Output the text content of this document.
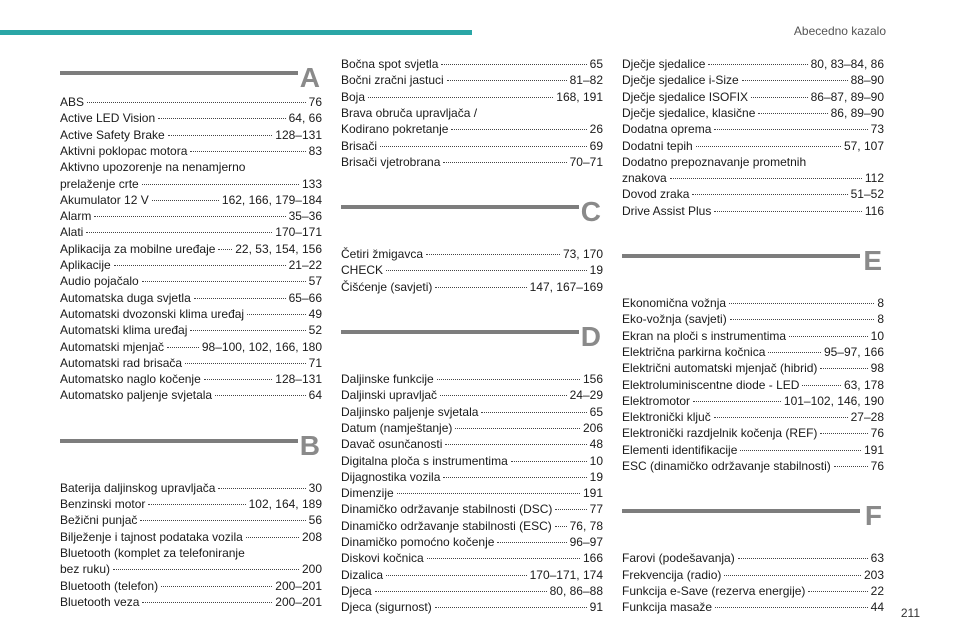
Abecedno kazalo
A
ABS	76
Active LED Vision	64, 66
Active Safety Brake	128–131
Aktivni poklopac motora	83
Aktivno upozorenje na nenamjerno
prelaženje crte	133
Akumulator 12 V	162, 166, 179–184
Alarm	35–36
Alati	170–171
Aplikacija za mobilne uređaje 22, 53, 154, 156
Aplikacije	21–22
Audio pojačalo	57
Automatska duga svjetla	65–66
Automatski dvozonski klima uređaj	49
Automatski klima uređaj	52
Automatski mjenjač	98–100, 102, 166, 180
Automatski rad brisača	71
Automatsko naglo kočenje	128–131
Automatsko paljenje svjetala	64
B
Baterija daljinskog upravljača	30
Benzinski motor	102, 164, 189
Bežični punjač	56
Bilježenje i tajnost podataka vozila	208
Bluetooth (komplet za telefoniranje
bez ruku)	200
Bluetooth (telefon)	200–201
Bluetooth veza	200–201
Bočna spot svjetla	65
Bočni zračni jastuci	81–82
Boja	168, 191
Brava obruča upravljača /
Kodirano pokretanje	26
Brisači	69
Brisači vjetrobrana	70–71
C
Četiri žmigavca	73, 170
CHECK	19
Čišćenje (savjeti)	147, 167–169
D
Daljinske funkcije	156
Daljinski upravljač	24–29
Daljinsko paljenje svjetala	65
Datum (namještanje)	206
Davač osunčanosti	48
Digitalna ploča s instrumentima	10
Dijagnostika vozila	19
Dimenzije	191
Dinamičko održavanje stabilnosti (DSC)	77
Dinamičko održavanje stabilnosti (ESC) 76, 78
Dinamičko pomoćno kočenje	96–97
Diskovi kočnica	166
Dizalica	170–171, 174
Djeca	80, 86–88
Djeca (sigurnost)	91
Dječje sjedalice	80, 83–84, 86
Dječje sjedalice i-Size	88–90
Dječje sjedalice ISOFIX	86–87, 89–90
Dječje sjedalice, klasične	86, 89–90
Dodatna oprema	73
Dodatni tepih	57, 107
Dodatno prepoznavanje prometnih
znakova	112
Dovod zraka	51–52
Drive Assist Plus	116
E
Ekonomična vožnja	8
Eko-vožnja (savjeti)	8
Ekran na ploči s instrumentima	10
Električna parkirna kočnica	95–97, 166
Električni automatski mjenjač (hibrid)	98
Elektroluminiscentne diode - LED	63, 178
Elektromotor	101–102, 146, 190
Elektronički ključ	27–28
Elektronički razdjelnik kočenja (REF)	76
Elementi identifikacije	191
ESC (dinamičko održavanje stabilnosti)	76
F
Farovi (podešavanja)	63
Frekvencija (radio)	203
Funkcija e-Save (rezerva energije)	22
Funkcija masaže	44 211
